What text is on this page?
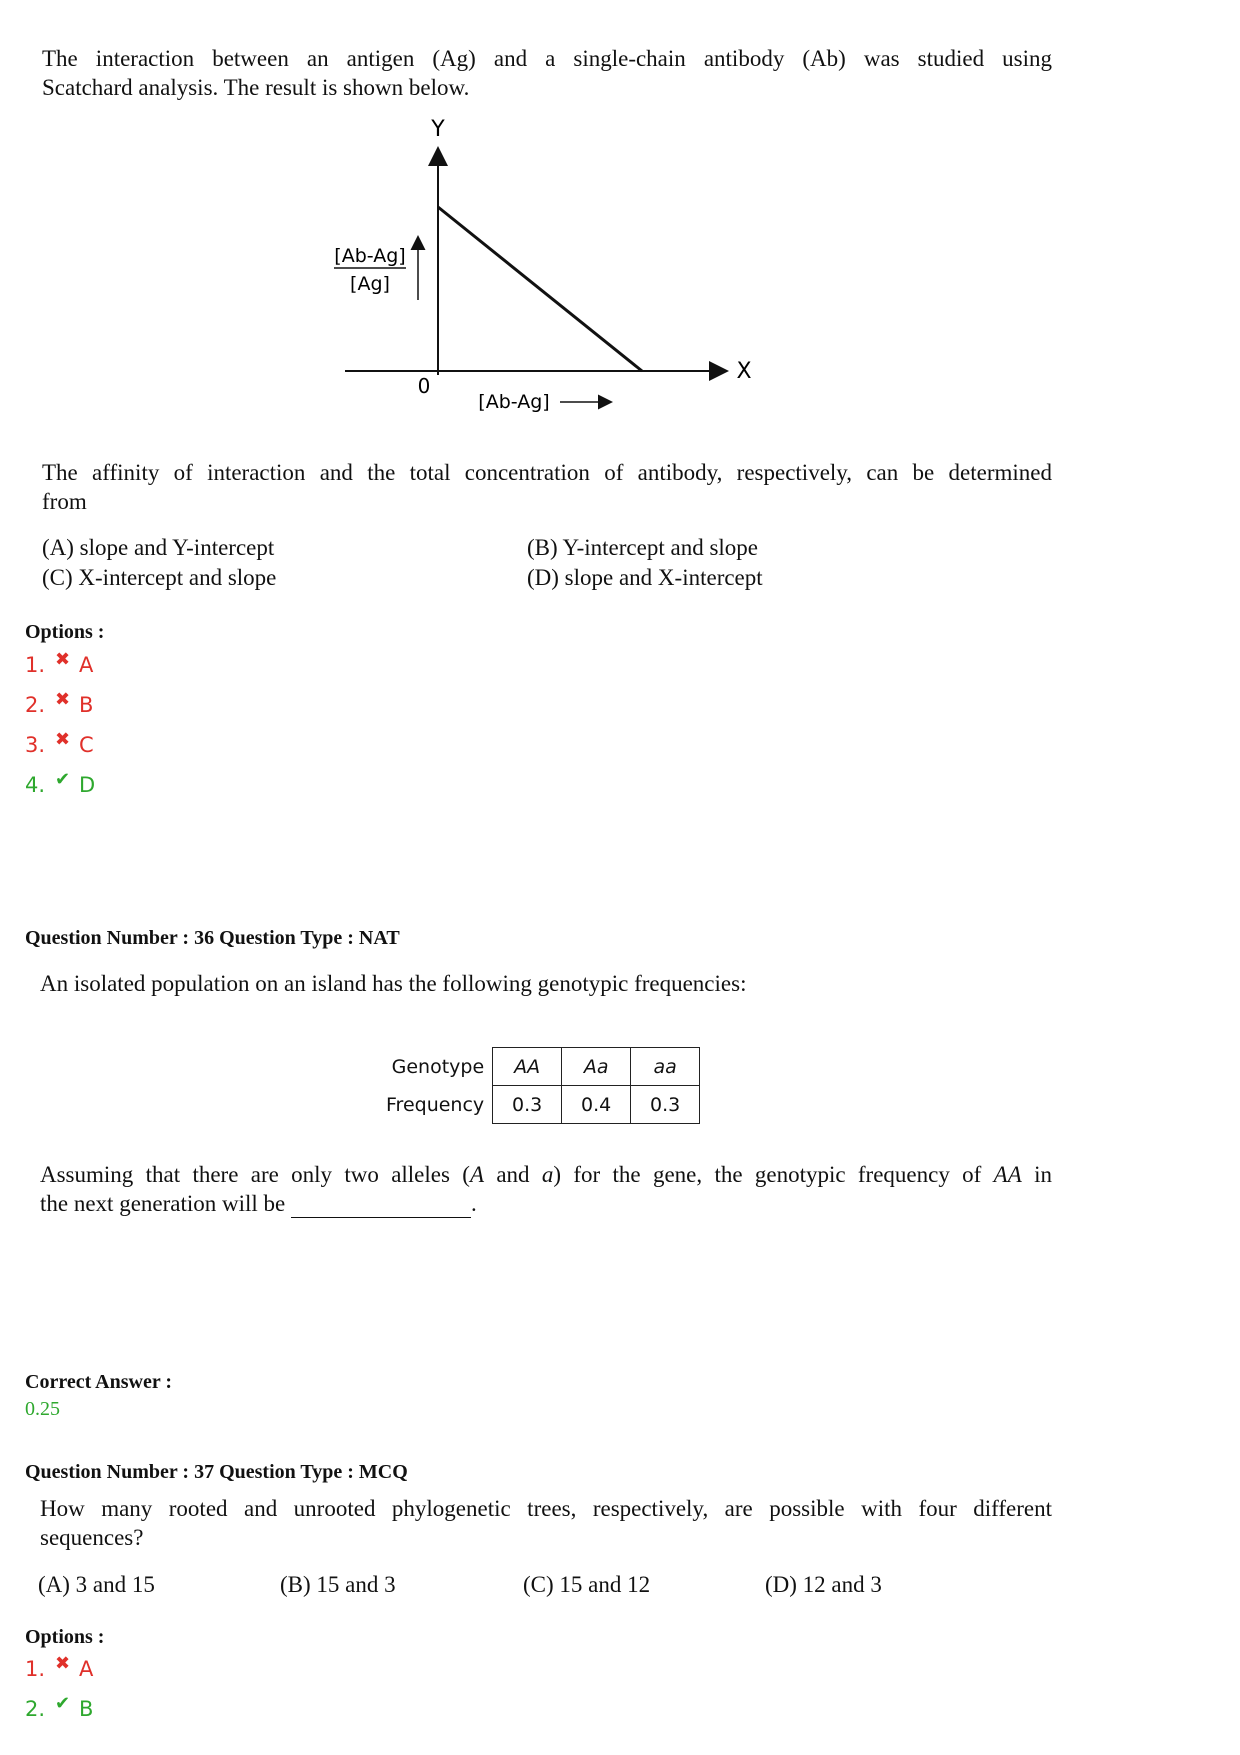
The interaction between an antigen (Ag) and a single-chain antibody (Ab) was studied using
Scatchard analysis. The result is shown below.
Y
X
0
[Ab-Ag]
[Ag]
[Ab-Ag]
The affinity of interaction and the total concentration of antibody, respectively, can be determined
from
(A) slope and Y-intercept	(B) Y-intercept and slope
(C) X-intercept and slope	(D) slope and X-intercept
Options :
1. ✖ A
2. ✖ B
3. ✖ C
4. ✔ D
Question Number : 36 Question Type : NAT
An isolated population on an island has the following genotypic frequencies:
Genotype	AA	Aa	aa
Frequency	0.3	0.4	0.3
Assuming that there are only two alleles (A and a) for the gene, the genotypic frequency of AA in
the next generation will be	.
Correct Answer :
0.25
Question Number : 37 Question Type : MCQ
How many rooted and unrooted phylogenetic trees, respectively, are possible with four different
sequences?
(A) 3 and 15	(B) 15 and 3	(C) 15 and 12	(D) 12 and 3
Options :
1. ✖ A
2. ✔ B
